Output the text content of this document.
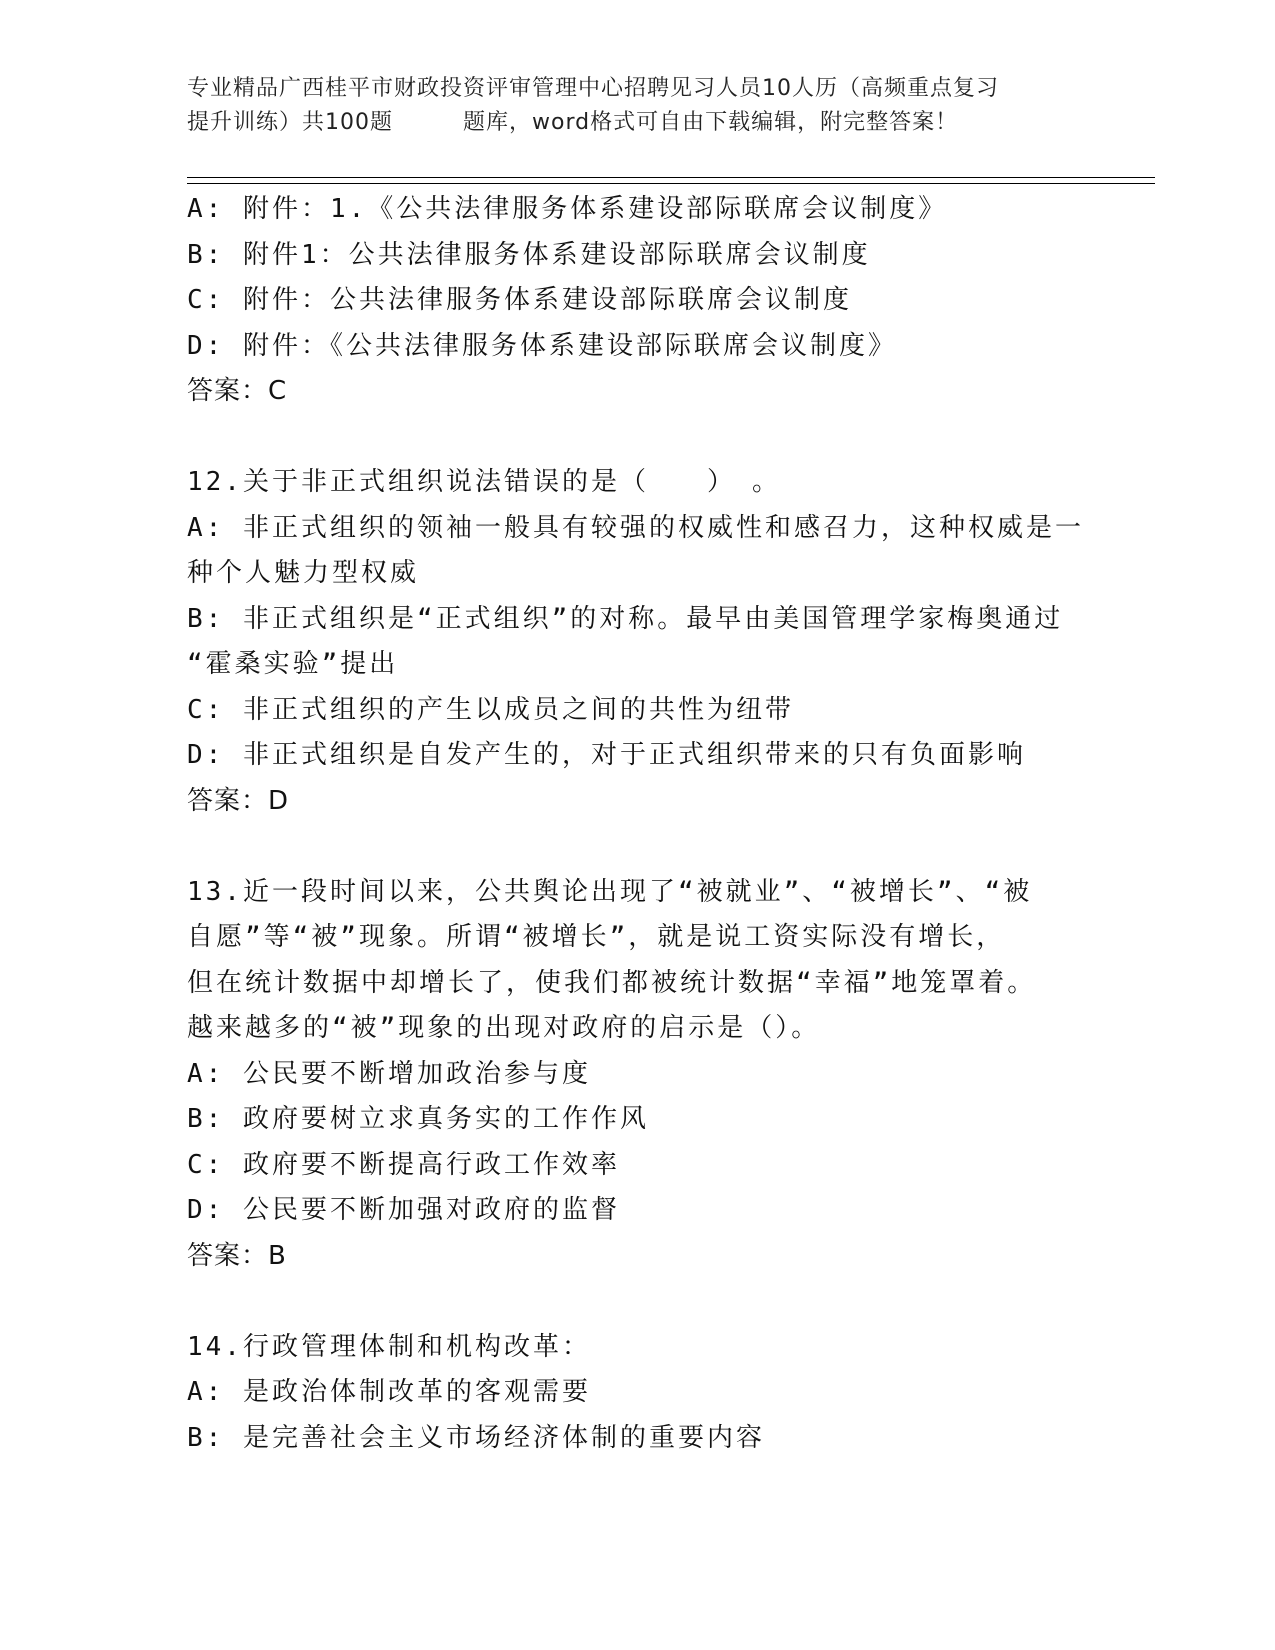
专业精品广西桂平市财政投资评审管理中心招聘见习人员10人历（高频重点复习
提升训练）共100题	题库，word格式可自由下载编辑，附完整答案！
A: 附件：1.《公共法律服务体系建设部际联席会议制度》
B: 附件1：公共法律服务体系建设部际联席会议制度
C: 附件：公共法律服务体系建设部际联席会议制度
D: 附件：《公共法律服务体系建设部际联席会议制度》
答案：C
12.关于非正式组织说法错误的是（　　）　。
A: 非正式组织的领袖一般具有较强的权威性和感召力，这种权威是一
种个人魅力型权威
B: 非正式组织是“正式组织”的对称。最早由美国管理学家梅奥通过
“霍桑实验”提出
C: 非正式组织的产生以成员之间的共性为纽带
D: 非正式组织是自发产生的，对于正式组织带来的只有负面影响
答案：D
13.近一段时间以来，公共舆论出现了“被就业”、“被增长”、“被
自愿”等“被”现象。所谓“被增长”，就是说工资实际没有增长，
但在统计数据中却增长了，使我们都被统计数据“幸福”地笼罩着。
越来越多的“被”现象的出现对政府的启示是（）。
A: 公民要不断增加政治参与度
B: 政府要树立求真务实的工作作风
C: 政府要不断提高行政工作效率
D: 公民要不断加强对政府的监督
答案：B
14.行政管理体制和机构改革：
A: 是政治体制改革的客观需要
B: 是完善社会主义市场经济体制的重要内容
